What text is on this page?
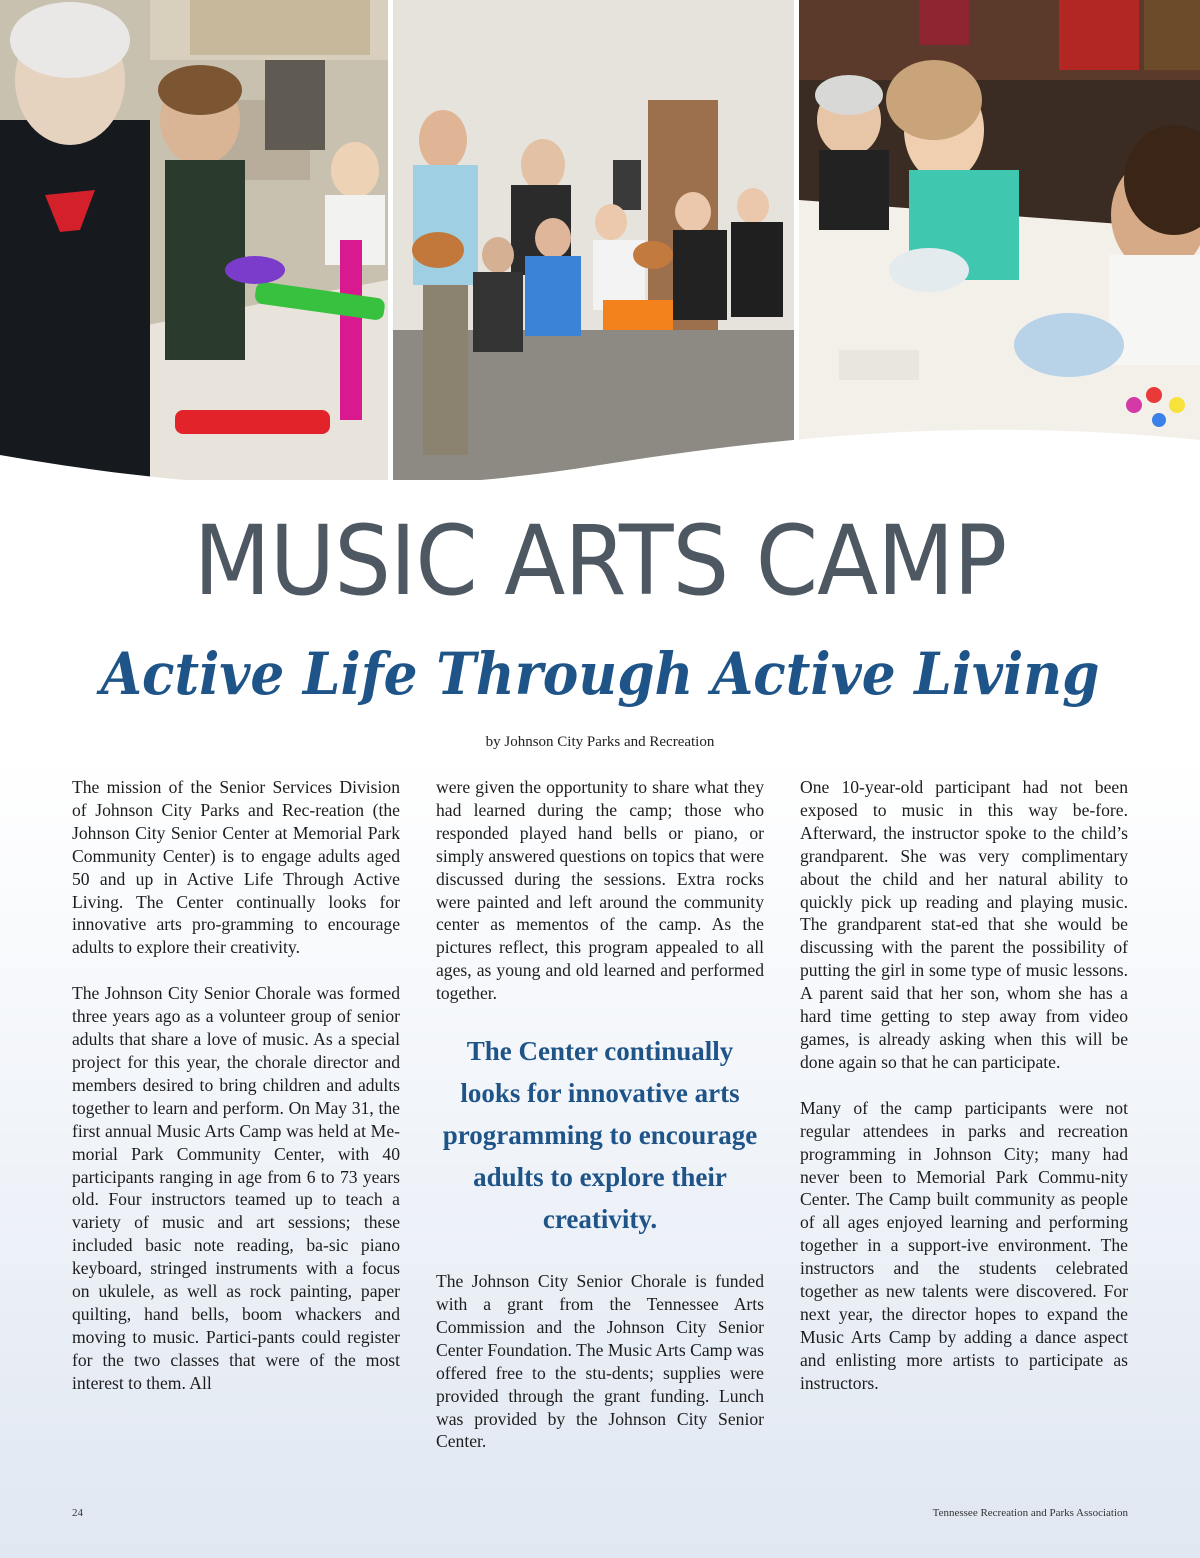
MUSIC ARTS CAMP
Active Life Through Active Living
by Johnson City Parks and Recreation

The mission of the Senior Services Division of Johnson City Parks and Rec-reation (the Johnson City Senior Center at Memorial Park Community Center) is to engage adults aged 50 and up in Active Life Through Active Living. The Center continually looks for innovative arts pro-gramming to encourage adults to explore their creativity.

The Johnson City Senior Chorale was formed three years ago as a volunteer group of senior adults that share a love of music. As a special project for this year, the chorale director and members desired to bring children and adults together to learn and perform. On May 31, the first annual Music Arts Camp was held at Me-morial Park Community Center, with 40 participants ranging in age from 6 to 73 years old. Four instructors teamed up to teach a variety of music and art sessions; these included basic note reading, ba-sic piano keyboard, stringed instruments with a focus on ukulele, as well as rock painting, paper quilting, hand bells, boom whackers and moving to music. Partici-pants could register for the two classes that were of the most interest to them. All

were given the opportunity to share what they had learned during the camp; those who responded played hand bells or piano, or simply answered questions on topics that were discussed during the sessions. Extra rocks were painted and left around the community center as mementos of the camp. As the pictures reflect, this program appealed to all ages, as young and old learned and performed together.

The Center continually looks for innovative arts programming to encourage adults to explore their creativity.

The Johnson City Senior Chorale is funded with a grant from the Tennessee Arts Commission and the Johnson City Senior Center Foundation. The Music Arts Camp was offered free to the stu-dents; supplies were provided through the grant funding. Lunch was provided by the Johnson City Senior Center.

One 10-year-old participant had not been exposed to music in this way be-fore. Afterward, the instructor spoke to the child’s grandparent. She was very complimentary about the child and her natural ability to quickly pick up reading and playing music. The grandparent stat-ed that she would be discussing with the parent the possibility of putting the girl in some type of music lessons. A parent said that her son, whom she has a hard time getting to step away from video games, is already asking when this will be done again so that he can participate.

Many of the camp participants were not regular attendees in parks and recreation programming in Johnson City; many had never been to Memorial Park Commu-nity Center. The Camp built community as people of all ages enjoyed learning and performing together in a support-ive environment. The instructors and the students celebrated together as new talents were discovered. For next year, the director hopes to expand the Music Arts Camp by adding a dance aspect and enlisting more artists to participate as instructors.

24	Tennessee Recreation and Parks Association
